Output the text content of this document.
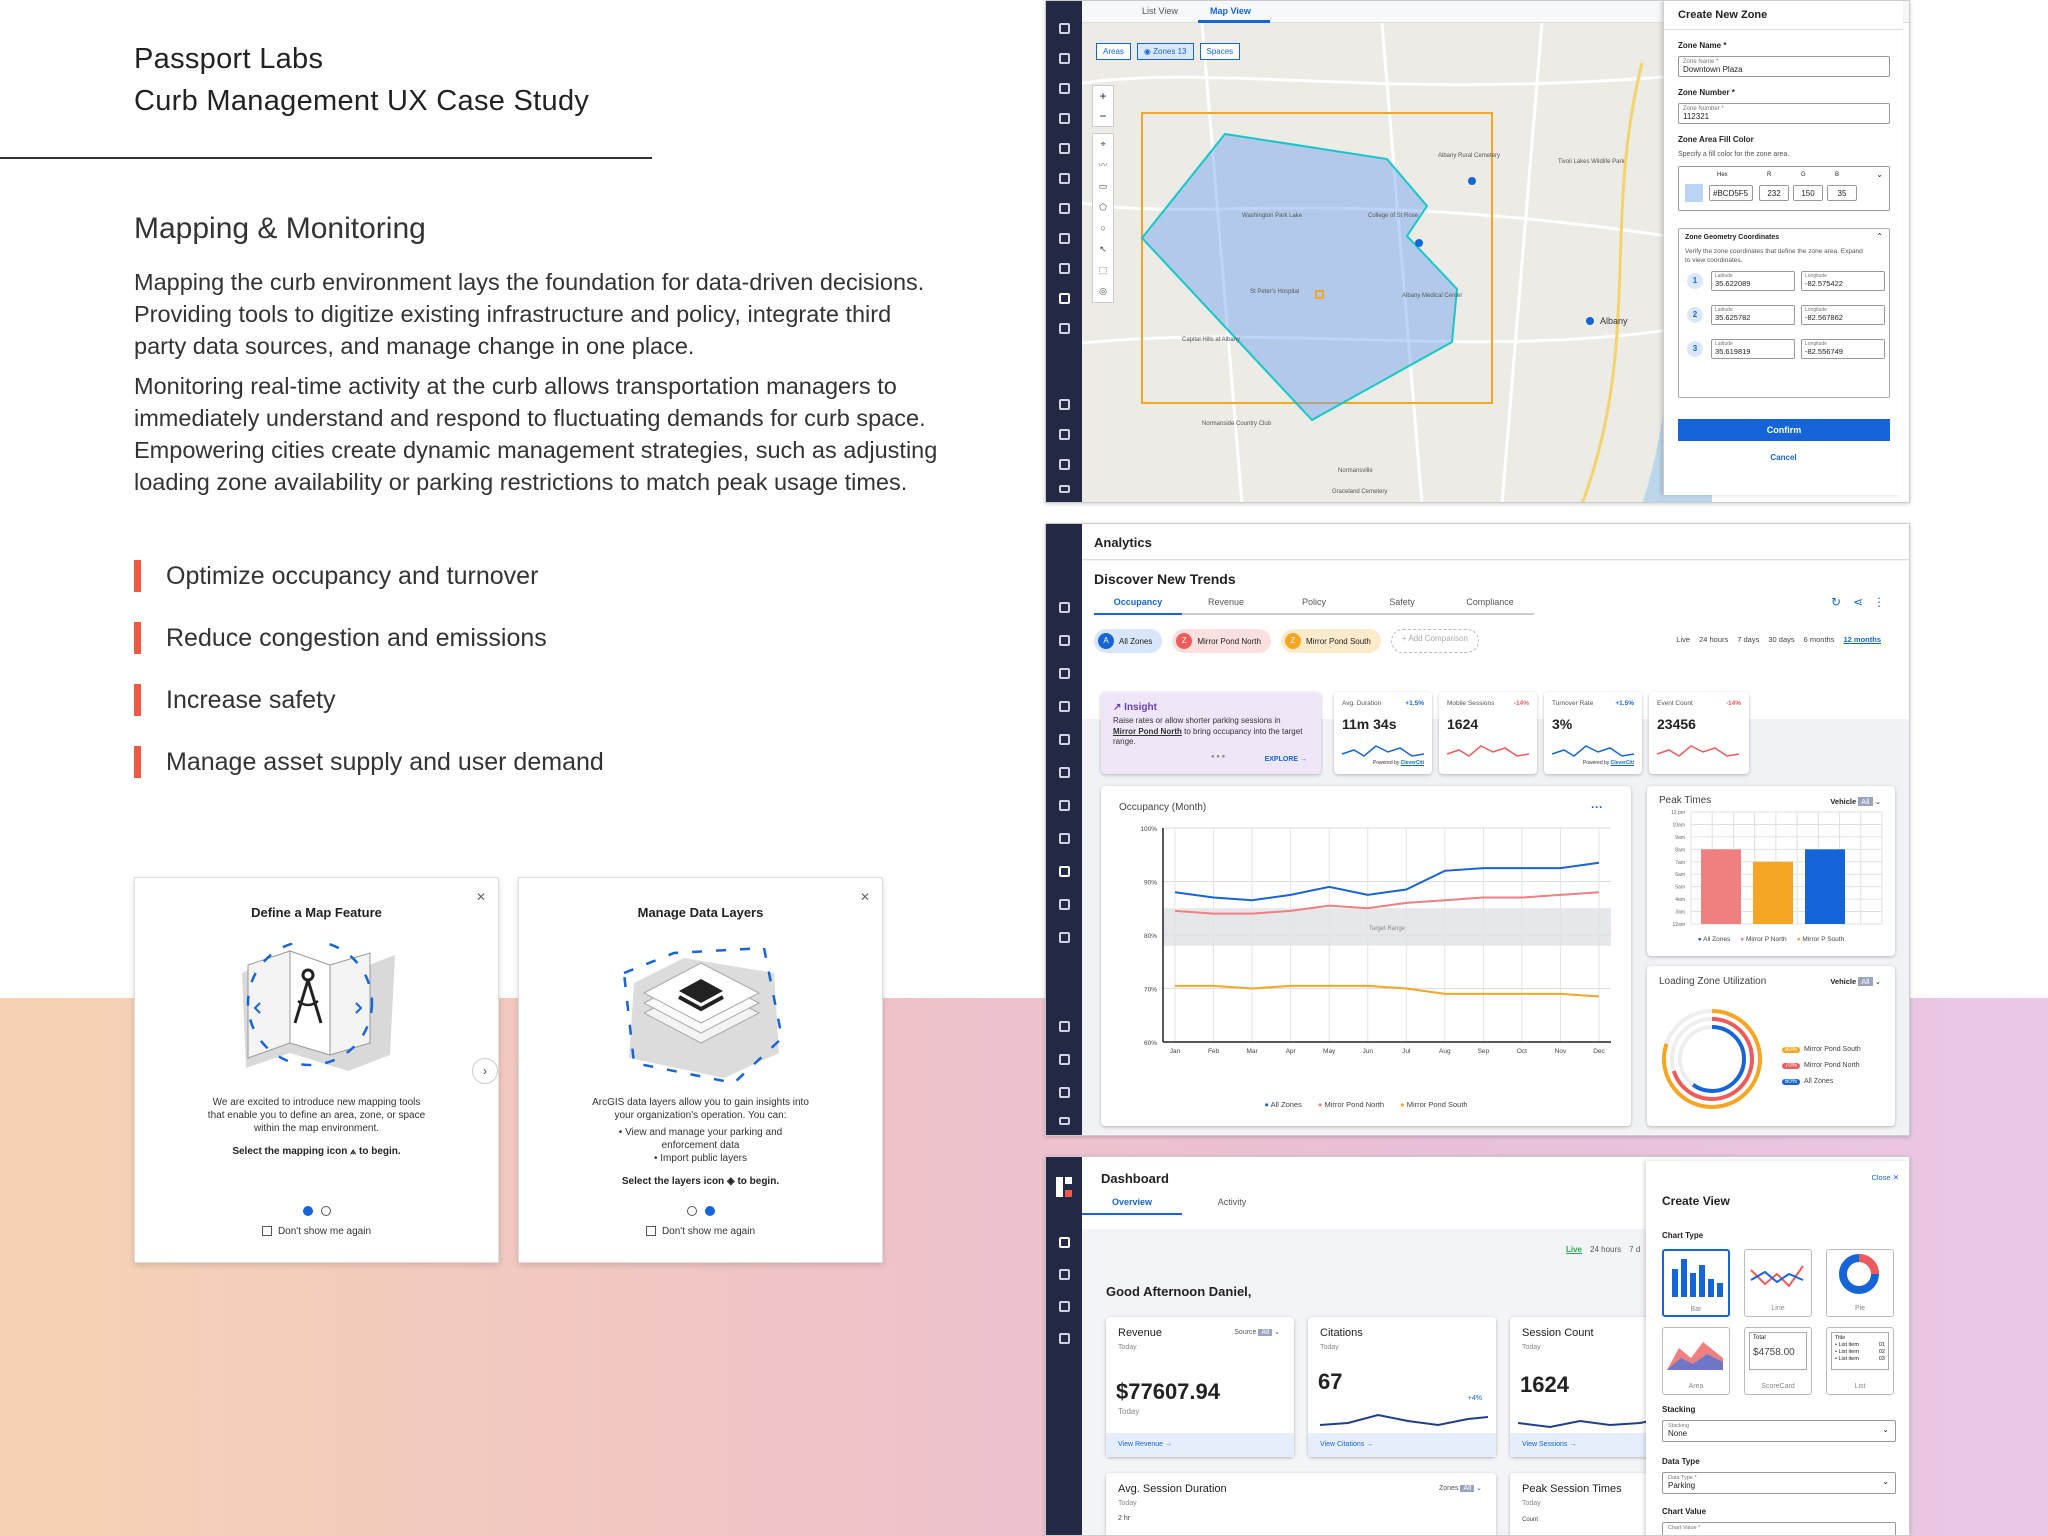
Passport Labs
Curb Management UX Case Study
Mapping & Monitoring
Mapping the curb environment lays the foundation for data-driven decisions.
Providing tools to digitize existing infrastructure and policy, integrate third
party data sources, and manage change in one place.
Monitoring real-time activity at the curb allows transportation managers to
immediately understand and respond to fluctuating demands for curb space.
Empowering cities create dynamic management strategies, such as adjusting
loading zone availability or parking restrictions to match peak usage times.
Optimize occupancy and turnover
Reduce congestion and emissions
Increase safety
Manage asset supply and user demand
✕
Define a Map Feature
We are excited to introduce new mapping tools
that enable you to define an area, zone, or space
within the map environment.
Select the mapping icon ⟑ to begin.
Don't show me again
›
✕
Manage Data Layers
ArcGIS data layers allow you to gain insights into
your organization's operation. You can:
• View and manage your parking and
enforcement data
• Import public layers
Select the layers icon ◈ to begin.
Don't show me again
List View	Map View
Albany
St Peter's Hospital
Capital Hills at Albany
Normanside Country Club
Normansville
Graceland Cemetery
College of St Rose
Albany Medical Center
Washington Park Lake
Tivoli Lakes Wildlife Park
Albany Rural Cemetery
Areas	◉ Zones 13	Spaces
+
−
⌖
〰
▭
⬠
○
↖
⬚
◎
Create New Zone
Zone Name *
Zone Name *
Downtown Plaza
Zone Number *
Zone Number *
112321
Zone Area Fill Color
Specify a fill color for the zone area.
Hex	R	G	B	⌄
#BCD5F5	232	150	35
Zone Geometry Coordinates	⌃
Verify the zone coordinates that define the zone area. Expand to view coordinates.
1	Latitude
35.622089
Longitude
-82.575422
2	Latitude
35.625782
Longitude
-82.567862
3	Latitude
35.619819
Longitude
-82.556749
Confirm
Cancel
Analytics
Discover New Trends
Occupancy	Revenue	Policy	Safety	Compliance	↻ ⋖ ⋮
A	All Zones	Z	Mirror Pond North	Z	Mirror Pond South	+ Add Comparison	Live 24 hours 7 days 30 days 6 months 12 months
↗ Insight
Raise rates or allow shorter parking sessions in Mirror Pond North to bring occupancy into the target range.
● ● ●	EXPLORE →
Avg. Duration	+1.5%
11m 34s
Powered by CleverCiti
Mobile Sessions	-14%
1624
Turnover Rate	+1.5%
3%
Powered by CleverCiti
Event Count	-14%
23456
Occupancy (Month)	···
Target Range
100%
90%
80%
70%
60%
Jan	Feb	Mar	Apr	May	Jun	Jul	Aug	Sep	Oct	Nov	Dec
● All Zones ● Mirror Pond North ● Mirror Pond South
Peak Times	Vehicle All ⌄
12 pm
10am
9am
8am
7am
6am
5am
4am
3am
12am
● All Zones ● Mirror P North ● Mirror P South
Loading Zone Utilization	Vehicle All ⌄
80% Mirror Pond South
70% Mirror Pond North
60% All Zones
Dashboard
Overview	Activity
Live 24 hours 7 d
Good Afternoon Daniel,
Revenue	Source All ⌄
Today
$77607.94
Today
View Revenue →
Citations
Today
67
+4%
View Citations →
Session Count
Today
1624
View Sessions →
Avg. Session Duration	Zones All ⌄
Today
2 hr
Peak Session Times
Today
Count
Close ✕
Create View
Chart Type
Bar	Line	Pie
Area
Total
$4758.00
ScoreCard
Title
• List item	01
• List item	02
• List item	03
List
Stacking
Stacking
None	⌄
Data Type
Data Type *
Parking	⌄
Chart Value
Chart Value *
